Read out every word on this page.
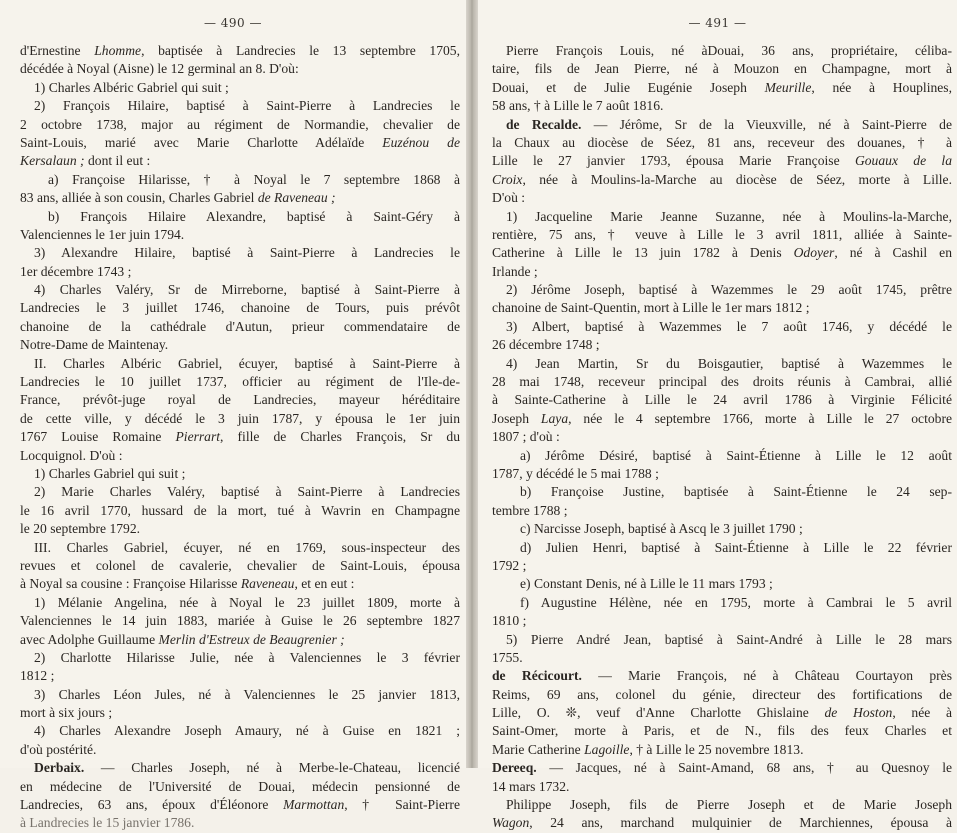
— 490 —
d'Ernestine Lhomme, baptisée à Landrecies le 13 septembre 1705,
décédée à Noyal (Aisne) le 12 germinal an 8. D'où:
1) Charles Albéric Gabriel qui suit ;
2) François Hilaire, baptisé à Saint-Pierre à Landrecies le
2 octobre 1738, major au régiment de Normandie, chevalier de
Saint-Louis, marié avec Marie Charlotte Adélaïde Euzénou de
Kersalaun ; dont il eut :
a) Françoise Hilarisse, † à Noyal le 7 septembre 1868 à
83 ans, alliée à son cousin, Charles Gabriel de Raveneau ;
b) François Hilaire Alexandre, baptisé à Saint-Géry à
Valenciennes le 1er juin 1794.
3) Alexandre Hilaire, baptisé à Saint-Pierre à Landrecies le
1er décembre 1743 ;
4) Charles Valéry, Sr de Mirreborne, baptisé à Saint-Pierre à
Landrecies le 3 juillet 1746, chanoine de Tours, puis prévôt
chanoine de la cathédrale d'Autun, prieur commendataire de
Notre-Dame de Maintenay.
II. Charles Albéric Gabriel, écuyer, baptisé à Saint-Pierre à
Landrecies le 10 juillet 1737, officier au régiment de l'Ile-de-
France, prévôt-juge royal de Landrecies, mayeur héréditaire
de cette ville, y décédé le 3 juin 1787, y épousa le 1er juin
1767 Louise Romaine Pierrart, fille de Charles François, Sr du
Locquignol. D'où :
1) Charles Gabriel qui suit ;
2) Marie Charles Valéry, baptisé à Saint-Pierre à Landrecies
le 16 avril 1770, hussard de la mort, tué à Wavrin en Champagne
le 20 septembre 1792.
III. Charles Gabriel, écuyer, né en 1769, sous-inspecteur des
revues et colonel de cavalerie, chevalier de Saint-Louis, épousa
à Noyal sa cousine : Françoise Hilarisse Raveneau, et en eut :
1) Mélanie Angelina, née à Noyal le 23 juillet 1809, morte à
Valenciennes le 14 juin 1883, mariée à Guise le 26 septembre 1827
avec Adolphe Guillaume Merlin d'Estreux de Beaugrenier ;
2) Charlotte Hilarisse Julie, née à Valenciennes le 3 février
1812 ;
3) Charles Léon Jules, né à Valenciennes le 25 janvier 1813,
mort à six jours ;
4) Charles Alexandre Joseph Amaury, né à Guise en 1821 ;
d'où postérité.
Derbaix. — Charles Joseph, né à Merbe-le-Chateau, licencié
en médecine de l'Université de Douai, médecin pensionné de
Landrecies, 63 ans, époux d'Éléonore Marmottan, † Saint-Pierre
à Landrecies le 15 janvier 1786.
— 491 —
Pierre François Louis, né àDouai, 36 ans, propriétaire, céliba-
taire, fils de Jean Pierre, né à Mouzon en Champagne, mort à
Douai, et de Julie Eugénie Joseph Meurille, née à Houplines,
58 ans, † à Lille le 7 août 1816.
de Recalde. — Jérôme, Sr de la Vieuxville, né à Saint-Pierre de
la Chaux au diocèse de Séez, 81 ans, receveur des douanes, † à
Lille le 27 janvier 1793, épousa Marie Françoise Gouaux de la
Croix, née à Moulins-la-Marche au diocèse de Séez, morte à Lille.
D'où :
1) Jacqueline Marie Jeanne Suzanne, née à Moulins-la-Marche,
rentière, 75 ans, † veuve à Lille le 3 avril 1811, alliée à Sainte-
Catherine à Lille le 13 juin 1782 à Denis Odoyer, né à Cashil en
Irlande ;
2) Jérôme Joseph, baptisé à Wazemmes le 29 août 1745, prêtre
chanoine de Saint-Quentin, mort à Lille le 1er mars 1812 ;
3) Albert, baptisé à Wazemmes le 7 août 1746, y décédé le
26 décembre 1748 ;
4) Jean Martin, Sr du Boisgautier, baptisé à Wazemmes le
28 mai 1748, receveur principal des droits réunis à Cambrai, allié
à Sainte-Catherine à Lille le 24 avril 1786 à Virginie Félicité
Joseph Laya, née le 4 septembre 1766, morte à Lille le 27 octobre
1807 ; d'où :
a) Jérôme Désiré, baptisé à Saint-Étienne à Lille le 12 août
1787, y décédé le 5 mai 1788 ;
b) Françoise Justine, baptisée à Saint-Étienne le 24 sep-
tembre 1788 ;
c) Narcisse Joseph, baptisé à Ascq le 3 juillet 1790 ;
d) Julien Henri, baptisé à Saint-Étienne à Lille le 22 février
1792 ;
e) Constant Denis, né à Lille le 11 mars 1793 ;
f) Augustine Hélène, née en 1795, morte à Cambrai le 5 avril
1810 ;
5) Pierre André Jean, baptisé à Saint-André à Lille le 28 mars
1755.
de Récicourt. — Marie François, né à Château Courtayon près
Reims, 69 ans, colonel du génie, directeur des fortifications de
Lille, O. ❊, veuf d'Anne Charlotte Ghislaine de Hoston, née à
Saint-Omer, morte à Paris, et de N., fils des feux Charles et
Marie Catherine Lagoille, † à Lille le 25 novembre 1813.
Dereeq. — Jacques, né à Saint-Amand, 68 ans, † au Quesnoy le
14 mars 1732.
Philippe Joseph, fils de Pierre Joseph et de Marie Joseph
Wagon, 24 ans, marchand mulquinier de Marchiennes, épousa à
